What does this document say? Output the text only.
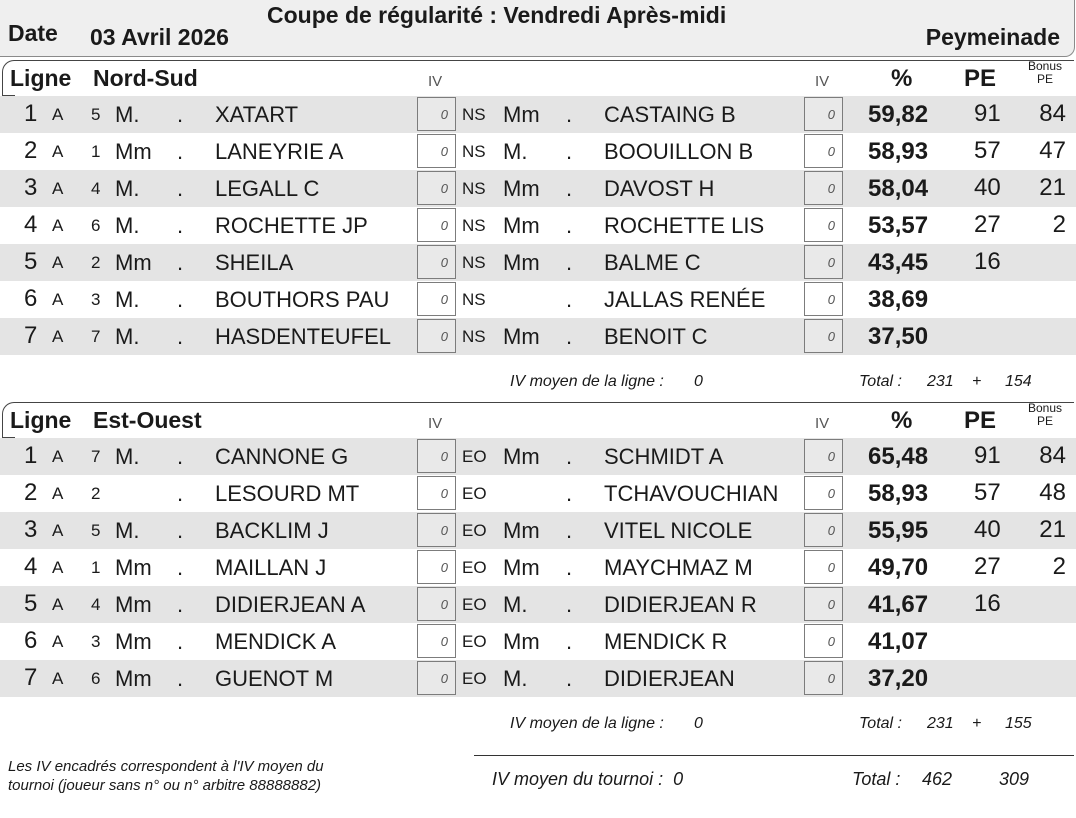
Date 03 Avril 2026
Coupe de régularité : Vendredi Après-midi
Peymeinade
Ligne Nord-Sud	IV	IV	% PE	Bonus
PE
1 A 5 M. . XATART	0 NS Mm . CASTAING B	0 59,82 91 84
2 A 1 Mm . LANEYRIE A	0 NS M. . BOOUILLON B	0 58,93 57 47
3 A 4 M. . LEGALL C	0 NS Mm . DAVOST H	0 58,04 40 21
4 A 6 M. . ROCHETTE JP	0 NS Mm . ROCHETTE LIS	0 53,57 27	2
5 A 2 Mm . SHEILA	0 NS Mm . BALME C	0 43,45 16
6 A 3 M. . BOUTHORS PAU	0 NS	. JALLAS RENÉE	0 38,69
7 A 7 M. . HASDENTEUFEL	0 NS Mm . BENOIT C	0 37,50
IV moyen de la ligne : 0	Total : 231 + 154
Ligne Est-Ouest	IV	IV	% PE	Bonus
PE
1 A 7 M. . CANNONE G	0 EO Mm . SCHMIDT A	0 65,48 91 84
2 A 2	. LESOURD MT	0 EO	. TCHAVOUCHIAN	0 58,93 57 48
3 A 5 M. . BACKLIM J	0 EO Mm . VITEL NICOLE	0 55,95 40 21
4 A 1 Mm . MAILLAN J	0 EO Mm . MAYCHMAZ M	0 49,70 27	2
5 A 4 Mm . DIDIERJEAN A	0 EO M. . DIDIERJEAN R	0 41,67 16
6 A 3 Mm . MENDICK A	0 EO Mm . MENDICK R	0 41,07
7 A 6 Mm . GUENOT M	0 EO M. . DIDIERJEAN	0 37,20
IV moyen de la ligne : 0	Total : 231 + 155
Les IV encadrés correspondent à l'IV moyen du
tournoi (joueur sans n° ou n° arbitre 88888882)	IV moyen du tournoi : 0	Total : 462	309
